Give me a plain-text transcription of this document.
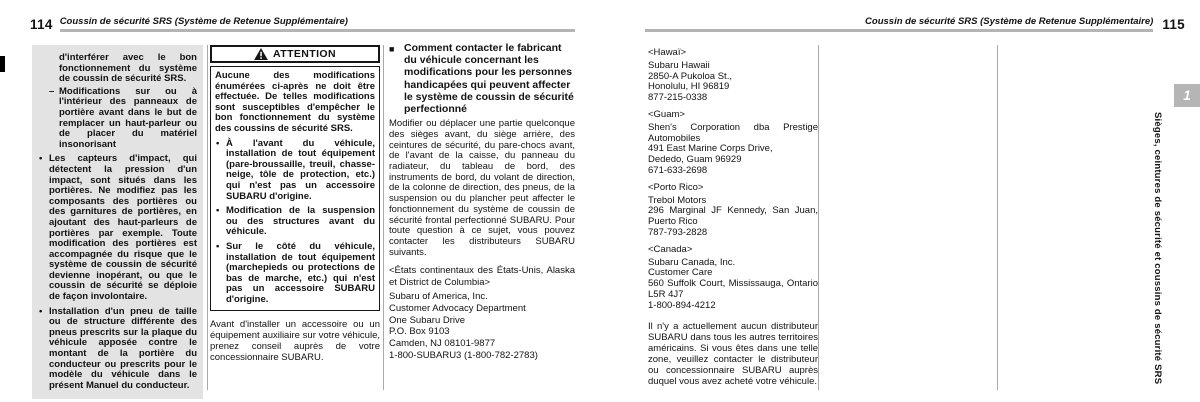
114 Coussin de sécurité SRS (Système de Retenue Supplémentaire)	Coussin de sécurité SRS (Système de Retenue Supplémentaire) 115
d'interférer avec le bon fonctionnement du système de coussin de sécurité SRS.
– Modifications sur ou à l'intérieur des panneaux de portière avant dans le but de remplacer un haut-parleur ou de placer du matériel insonorisant
• Les capteurs d'impact, qui détectent la pression d'un impact, sont situés dans les portières. Ne modifiez pas les composants des portières ou des garnitures de portières, en ajoutant des haut-parleurs de portières par exemple. Toute modification des portières est accompagnée du risque que le système de coussin de sécurité devienne inopérant, ou que le coussin de sécurité se déploie de façon involontaire.
• Installation d'un pneu de taille ou de structure différente des pneus prescrits sur la plaque du véhicule apposée contre le montant de la portière du conducteur ou prescrits pour le modèle du véhicule dans le présent Manuel du conducteur.
ATTENTION
Aucune des modifications énumérées ci-après ne doit être effectuée. De telles modifications sont susceptibles d'empêcher le bon fonctionnement du système des coussins de sécurité SRS.
• À l'avant du véhicule, installation de tout équipement (pare-broussaille, treuil, chasse-neige, tôle de protection, etc.) qui n'est pas un accessoire SUBARU d'origine.
• Modification de la suspension ou des structures avant du véhicule.
• Sur le côté du véhicule, installation de tout équipement (marchepieds ou protections de bas de marche, etc.) qui n'est pas un accessoire SUBARU d'origine.
Avant d'installer un accessoire ou un équipement auxiliaire sur votre véhicule, prenez conseil auprès de votre concessionnaire SUBARU.
■ Comment contacter le fabricant du véhicule concernant les modifications pour les personnes handicapées qui peuvent affecter le système de coussin de sécurité perfectionné
Modifier ou déplacer une partie quelconque des sièges avant, du siège arrière, des ceintures de sécurité, du pare-chocs avant, de l'avant de la caisse, du panneau du radiateur, du tableau de bord, des instruments de bord, du volant de direction, de la colonne de direction, des pneus, de la suspension ou du plancher peut affecter le fonctionnement du système de coussin de sécurité frontal perfectionné SUBARU. Pour toute question à ce sujet, vous pouvez contacter les distributeurs SUBARU suivants.
<États continentaux des États-Unis, Alaska et District de Columbia>
Subaru of America, Inc.
Customer Advocacy Department
One Subaru Drive
P.O. Box 9103
Camden, NJ 08101-9877
1-800-SUBARU3 (1-800-782-2783)
<Hawaï>
Subaru Hawaii
2850-A Pukoloa St.,
Honolulu, HI 96819
877-215-0338
<Guam>
Shen's Corporation dba Prestige Automobiles
491 East Marine Corps Drive,
Dededo, Guam 96929
671-633-2698
<Porto Rico>
Trebol Motors
296 Marginal JF Kennedy, San Juan, Puerto Rico
787-793-2828
<Canada>
Subaru Canada, Inc.
Customer Care
560 Suffolk Court, Mississauga, Ontario L5R 4J7
1-800-894-4212
Il n'y a actuellement aucun distributeur SUBARU dans tous les autres territoires américains. Si vous êtes dans une telle zone, veuillez contacter le distributeur ou concessionnaire SUBARU auprès duquel vous avez acheté votre véhicule.
1
Sièges, ceintures de sécurité et coussins de sécurité SRS
